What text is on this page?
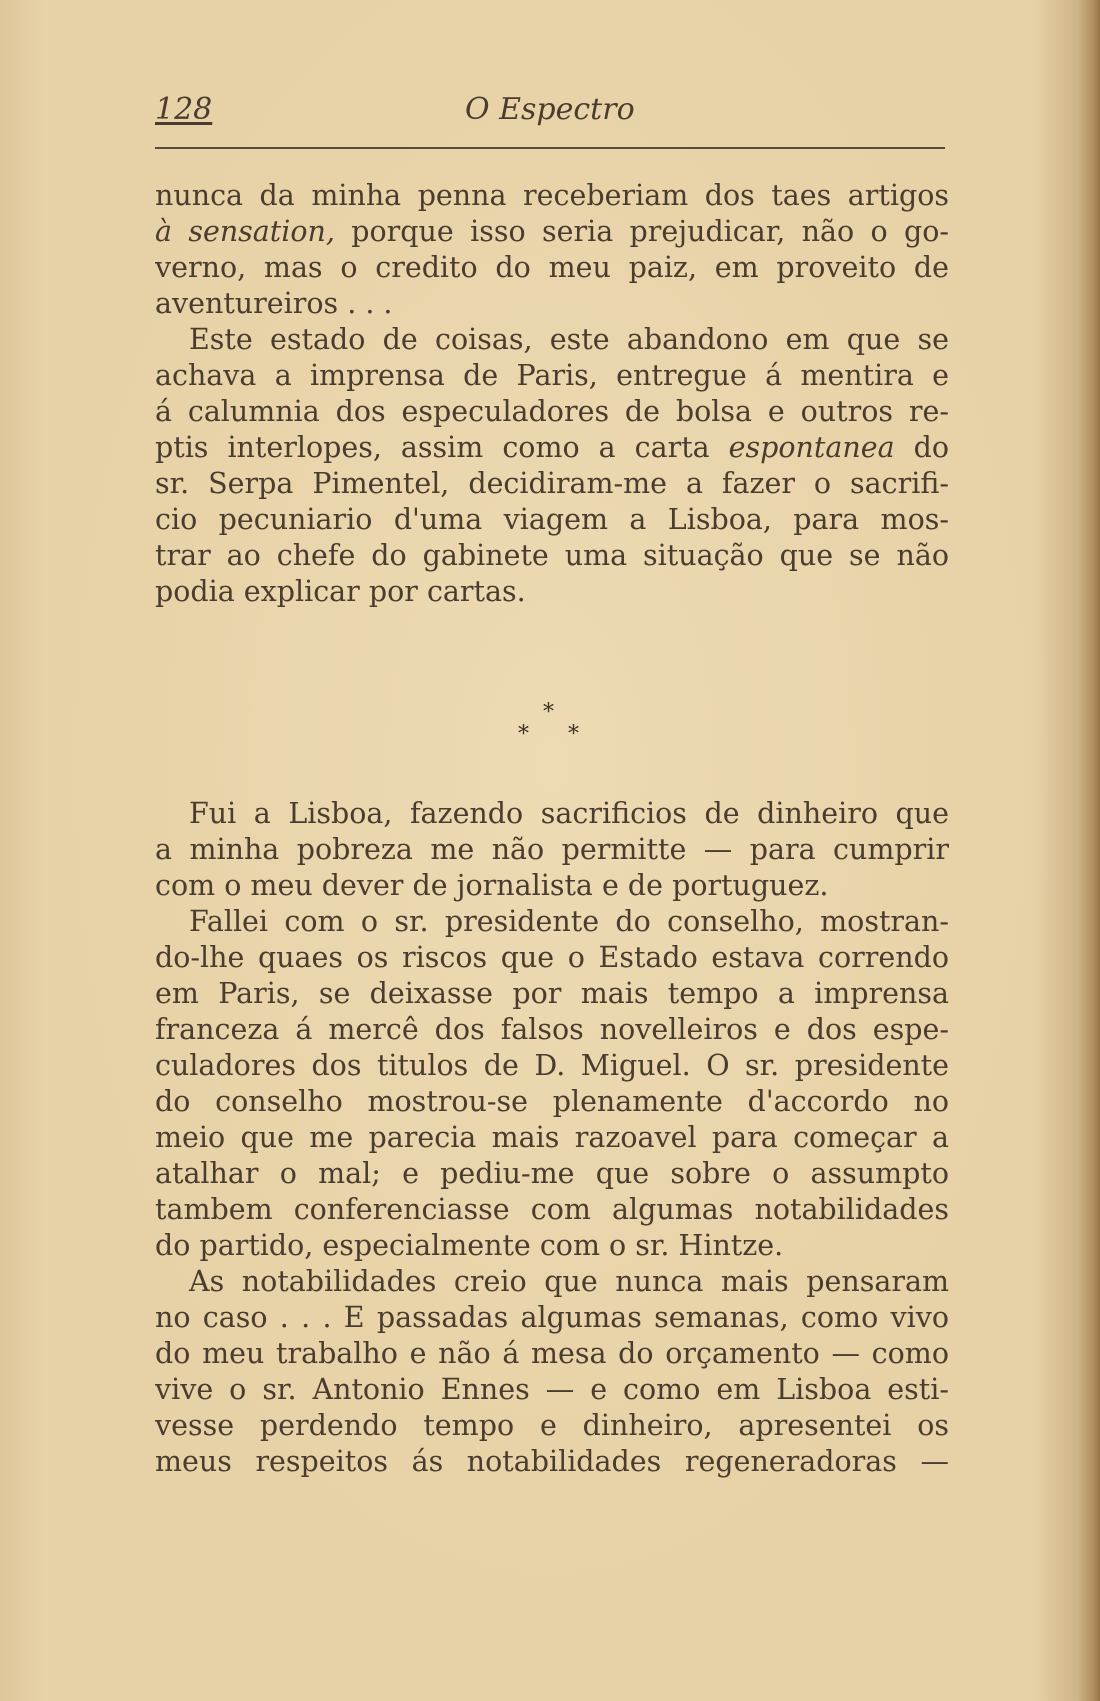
128	O Espectro
nunca da minha penna receberiam dos taes artigos
à sensation, porque isso seria prejudicar, não o go-
verno, mas o credito do meu paiz, em proveito de
aventureiros . . .
Este estado de coisas, este abandono em que se
achava a imprensa de Paris, entregue á mentira e
á calumnia dos especuladores de bolsa e outros re-
ptis interlopes, assim como a carta espontanea do
sr. Serpa Pimentel, decidiram-me a fazer o sacrifi-
cio pecuniario d'uma viagem a Lisboa, para mos-
trar ao chefe do gabinete uma situação que se não
podia explicar por cartas.
*
* *
Fui a Lisboa, fazendo sacrificios de dinheiro que
a minha pobreza me não permitte — para cumprir
com o meu dever de jornalista e de portuguez.
Fallei com o sr. presidente do conselho, mostran-
do-lhe quaes os riscos que o Estado estava correndo
em Paris, se deixasse por mais tempo a imprensa
franceza á mercê dos falsos novelleiros e dos espe-
culadores dos titulos de D. Miguel. O sr. presidente
do conselho mostrou-se plenamente d'accordo no
meio que me parecia mais razoavel para começar a
atalhar o mal; e pediu-me que sobre o assumpto
tambem conferenciasse com algumas notabilidades
do partido, especialmente com o sr. Hintze.
As notabilidades creio que nunca mais pensaram
no caso . . . E passadas algumas semanas, como vivo
do meu trabalho e não á mesa do orçamento — como
vive o sr. Antonio Ennes — e como em Lisboa esti-
vesse perdendo tempo e dinheiro, apresentei os
meus respeitos ás notabilidades regeneradoras —
